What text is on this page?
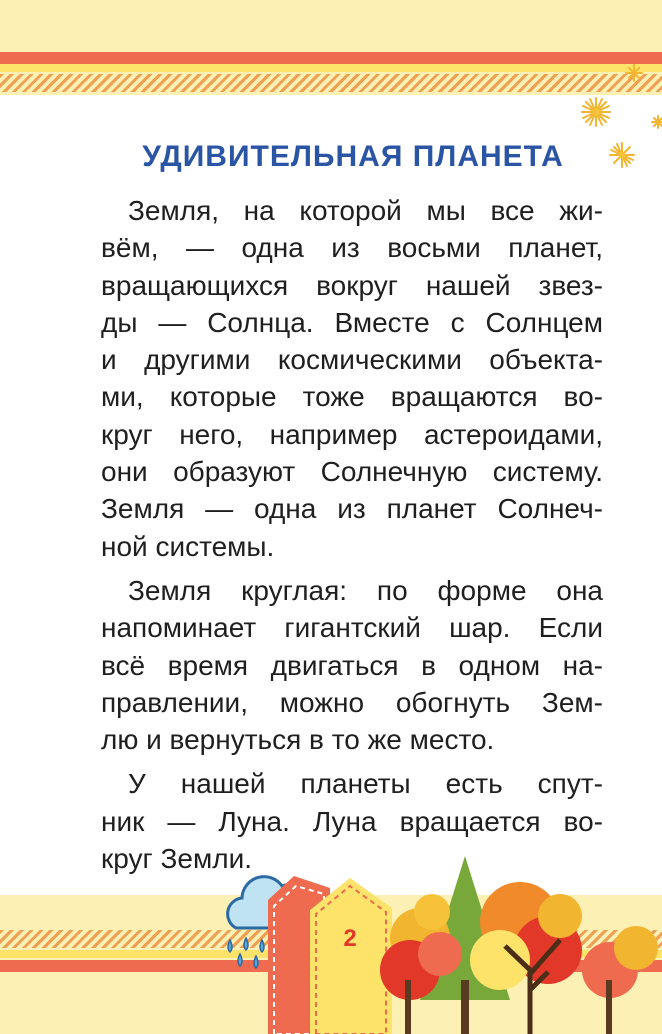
УДИВИТЕЛЬНАЯ ПЛАНЕТА

Земля, на которой мы все жи-
вём, — одна из восьми планет,
вращающихся вокруг нашей звез-
ды — Солнца. Вместе с Солнцем
и другими космическими объекта-
ми, которые тоже вращаются во-
круг него, например астероидами,
они образуют Солнечную систему.
Земля — одна из планет Солнеч-
ной системы.

Земля круглая: по форме она
напоминает гигантский шар. Если
всё время двигаться в одном на-
правлении, можно обогнуть Зем-
лю и вернуться в то же место.

У нашей планеты есть спут-
ник — Луна. Луна вращается во-
круг Земли.

2
